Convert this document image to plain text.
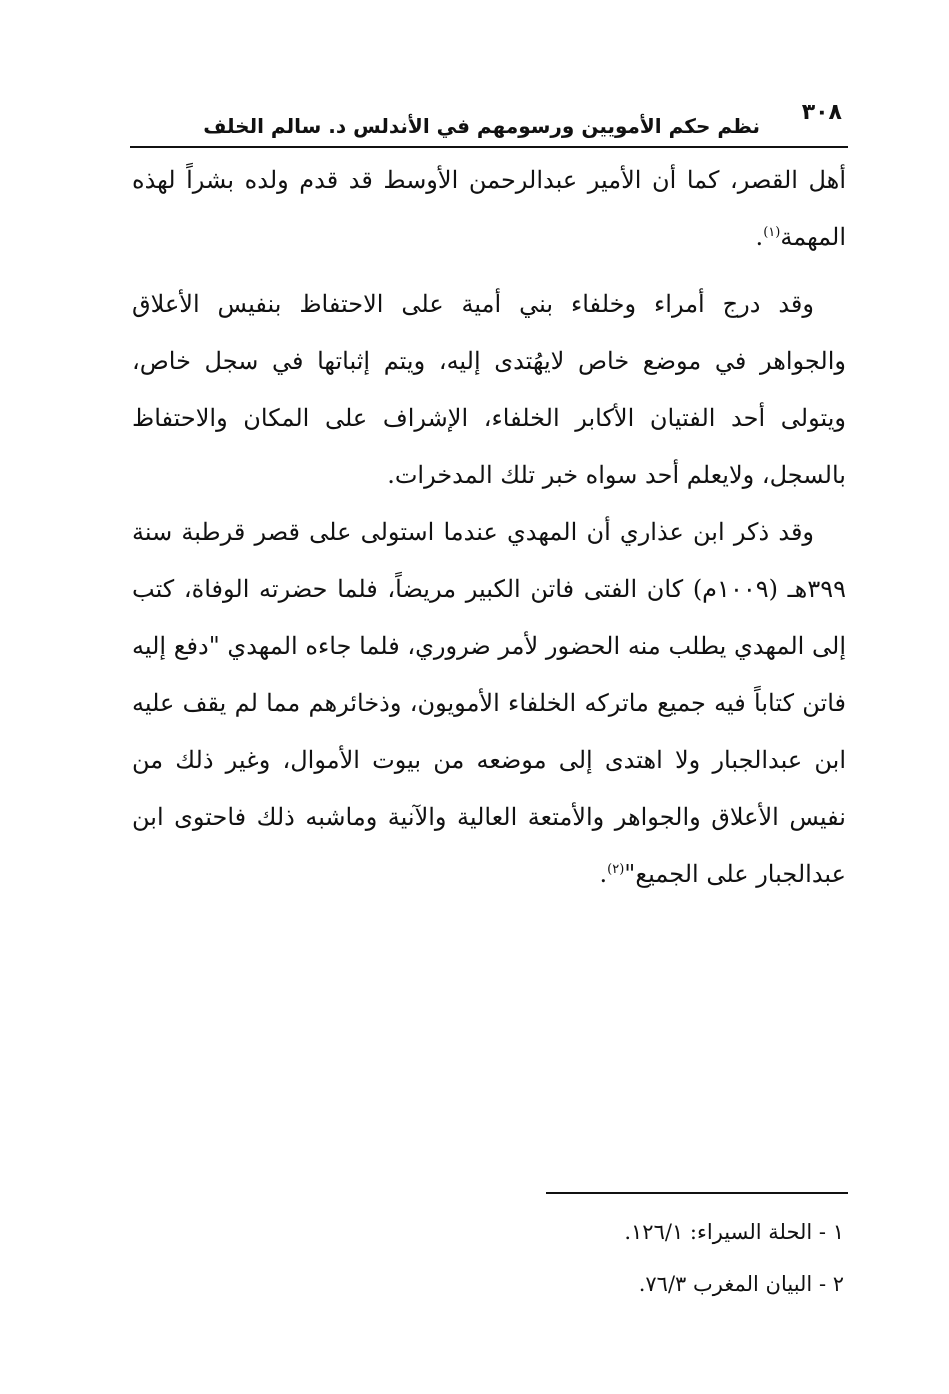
٣٠٨
نظم حكم الأمويين ورسومهم في الأندلس د. سالم الخلف

أهل القصر، كما أن الأمير عبدالرحمن الأوسط قد قدم ولده بشراً لهذه المهمة$^{(١)}$.

وقد درج أمراء وخلفاء بني أمية على الاحتفاظ بنفيس الأعلاق والجواهر في موضع خاص لايهُتدى إليه، ويتم إثباتها في سجل خاص، ويتولى أحد الفتيان الأكابر الخلفاء، الإشراف على المكان والاحتفاظ بالسجل، ولايعلم أحد سواه خبر تلك المدخرات.

وقد ذكر ابن عذاري أن المهدي عندما استولى على قصر قرطبة سنة ٣٩٩هـ (١٠٠٩م) كان الفتى فاتن الكبير مريضاً، فلما حضرته الوفاة، كتب إلى المهدي يطلب منه الحضور لأمر ضروري، فلما جاءه المهدي "دفع إليه فاتن كتاباً فيه جميع ماتركه الخلفاء الأمويون، وذخائرهم مما لم يقف عليه ابن عبدالجبار ولا اهتدى إلى موضعه من بيوت الأموال، وغير ذلك من نفيس الأعلاق والجواهر والأمتعة العالية والآنية وماشبه ذلك فاحتوى ابن عبدالجبار على الجميع"$^{(٢)}$.

١ - الحلة السيراء: ١٢٦/١.
٢ - البيان المغرب ٧٦/٣.
